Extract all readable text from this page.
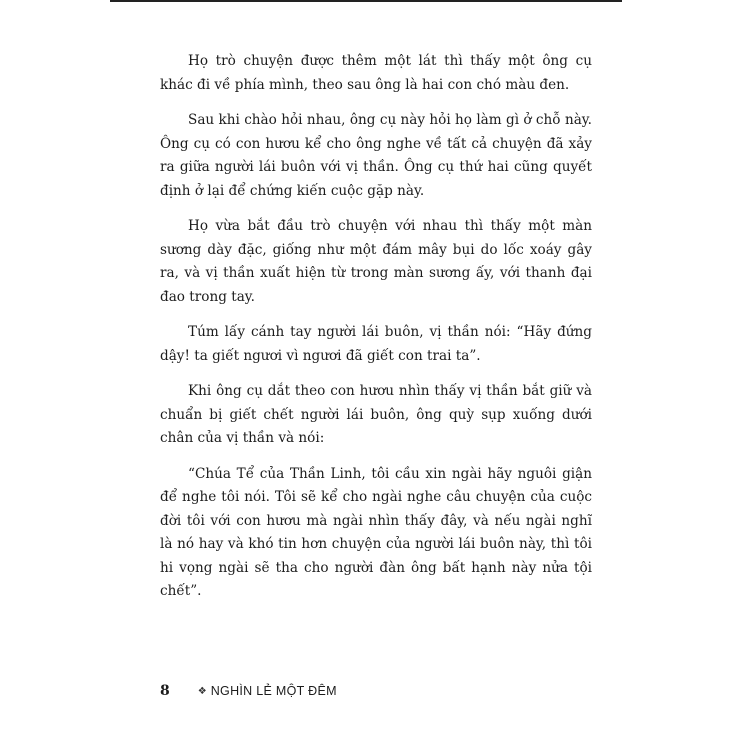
Họ trò chuyện được thêm một lát thì thấy một ông cụ khác đi về phía mình, theo sau ông là hai con chó màu đen.

Sau khi chào hỏi nhau, ông cụ này hỏi họ làm gì ở chỗ này. Ông cụ có con hươu kể cho ông nghe về tất cả chuyện đã xảy ra giữa người lái buôn với vị thần. Ông cụ thứ hai cũng quyết định ở lại để chứng kiến cuộc gặp này.

Họ vừa bắt đầu trò chuyện với nhau thì thấy một màn sương dày đặc, giống như một đám mây bụi do lốc xoáy gây ra, và vị thần xuất hiện từ trong màn sương ấy, với thanh đại đao trong tay.

Túm lấy cánh tay người lái buôn, vị thần nói: “Hãy đứng dậy! ta giết ngươi vì ngươi đã giết con trai ta”.

Khi ông cụ dắt theo con hươu nhìn thấy vị thần bắt giữ và chuẩn bị giết chết người lái buôn, ông quỳ sụp xuống dưới chân của vị thần và nói:

“Chúa Tể của Thần Linh, tôi cầu xin ngài hãy nguôi giận để nghe tôi nói. Tôi sẽ kể cho ngài nghe câu chuyện của cuộc đời tôi với con hươu mà ngài nhìn thấy đây, và nếu ngài nghĩ là nó hay và khó tin hơn chuyện của người lái buôn này, thì tôi hi vọng ngài sẽ tha cho người đàn ông bất hạnh này nửa tội chết”.

8	❖ NGHÌN LẺ MỘT ĐÊM
